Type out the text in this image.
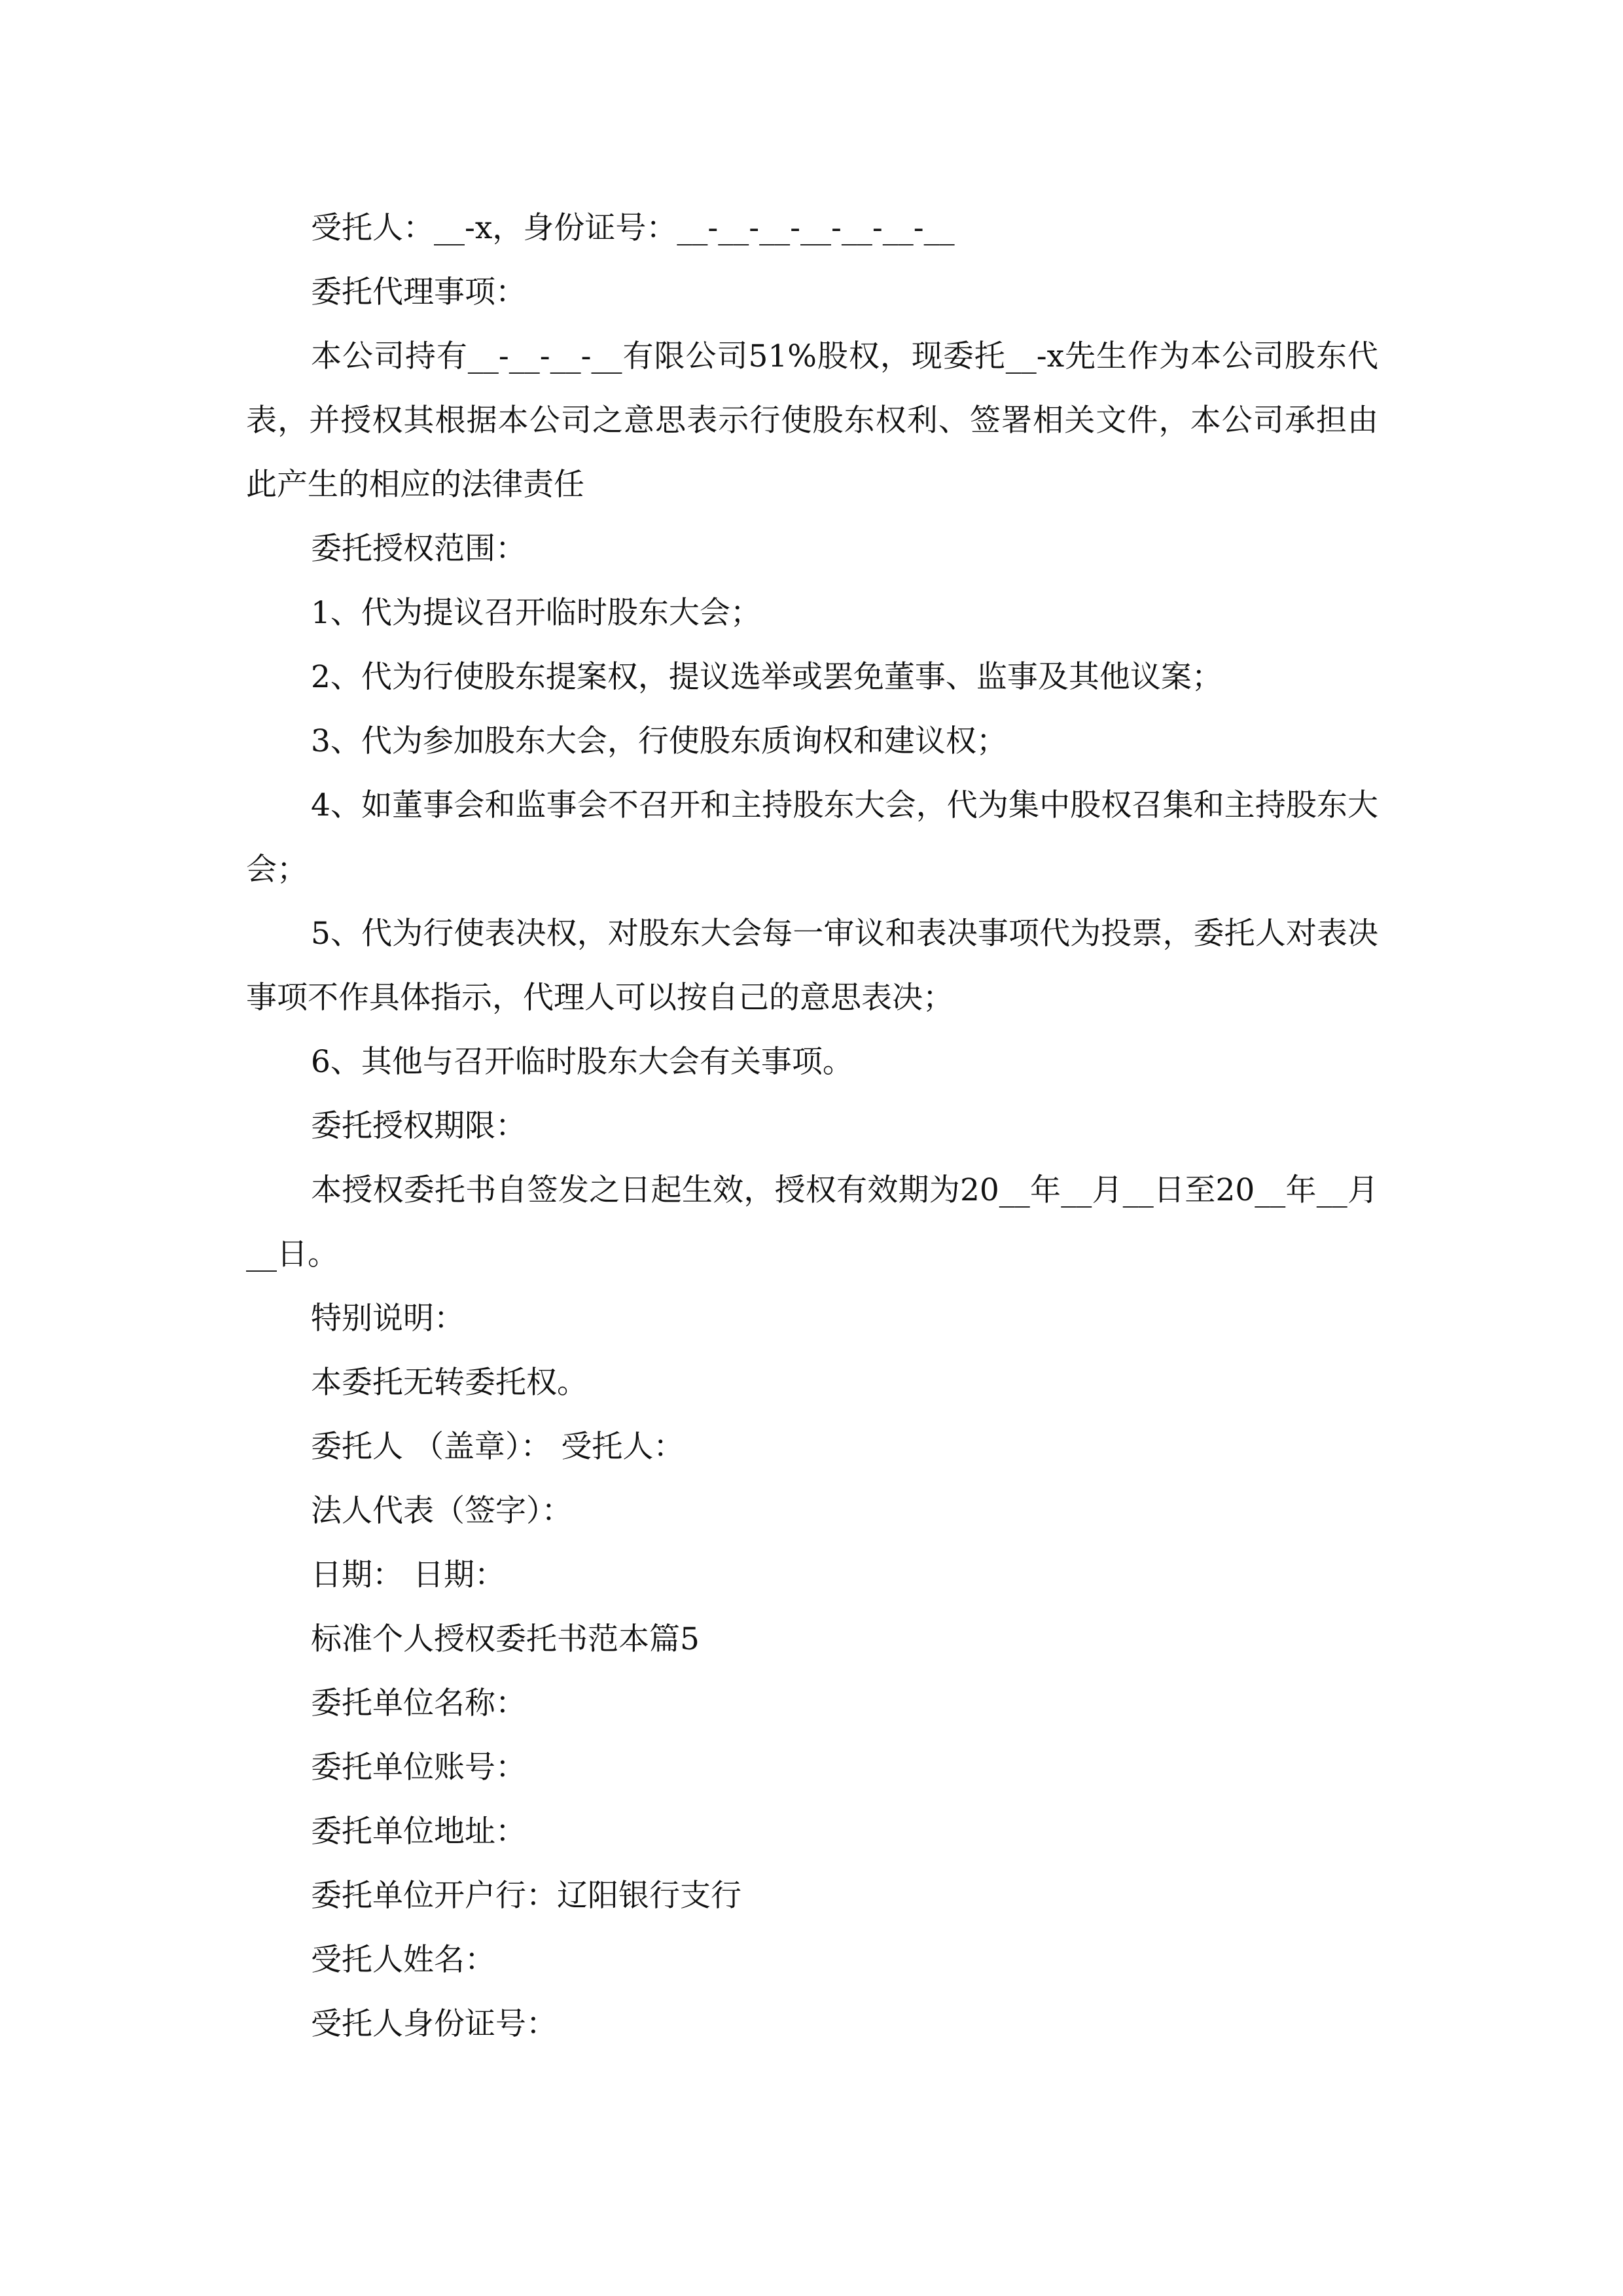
受托人：__-x，身份证号：__-__-__-__-__-__-__

委托代理事项：

本公司持有__-__-__-__有限公司51%股权，现委托__-x先生作为本公司股东代表，并授权其根据本公司之意思表示行使股东权利、签署相关文件，本公司承担由此产生的相应的法律责任

委托授权范围：

1、代为提议召开临时股东大会；

2、代为行使股东提案权，提议选举或罢免董事、监事及其他议案；

3、代为参加股东大会，行使股东质询权和建议权；

4、如董事会和监事会不召开和主持股东大会，代为集中股权召集和主持股东大会；

5、代为行使表决权，对股东大会每一审议和表决事项代为投票，委托人对表决事项不作具体指示，代理人可以按自己的意思表决；

6、其他与召开临时股东大会有关事项。

委托授权期限：

本授权委托书自签发之日起生效，授权有效期为20__年__月__日至20__年__月__日。

特别说明：

本委托无转委托权。

委托人 （盖章）： 受托人：

法人代表（签字）：

日期： 日期：

标准个人授权委托书范本篇5

委托单位名称：

委托单位账号：

委托单位地址：

委托单位开户行：辽阳银行支行

受托人姓名：

受托人身份证号：
